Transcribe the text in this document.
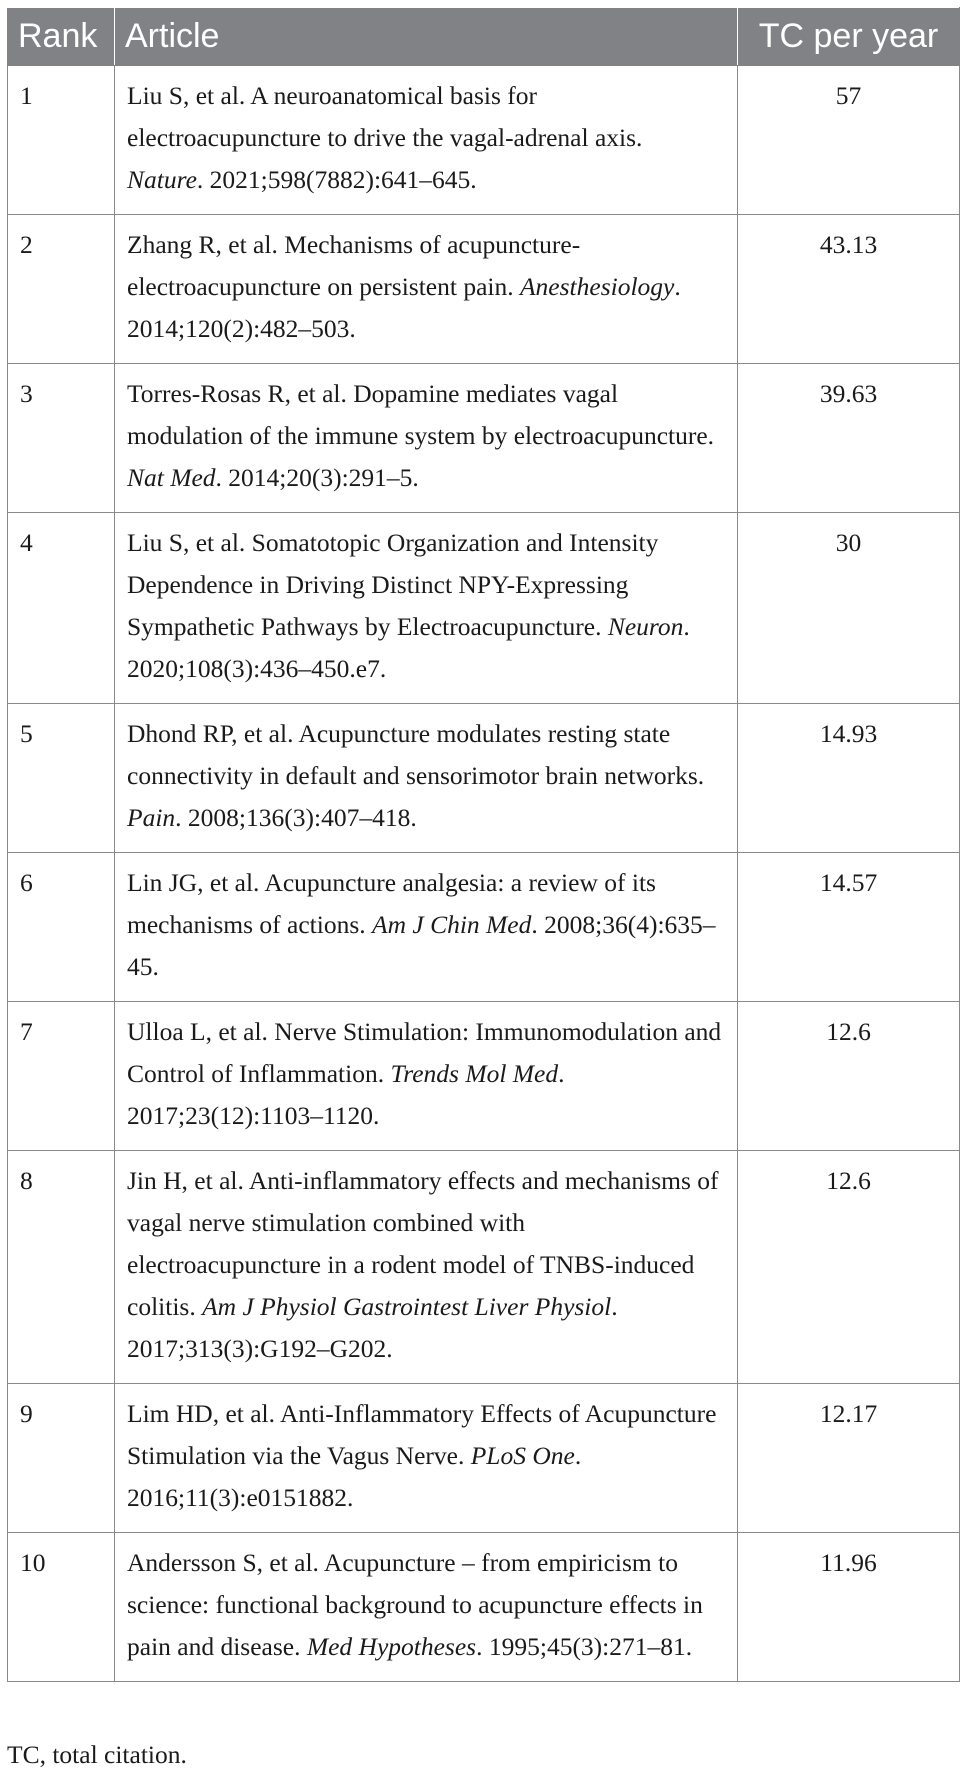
Rank	Article	TC per year
1	Liu S, et al. A neuroanatomical basis for electroacupuncture to drive the vagal-adrenal axis. Nature. 2021;598(7882):641–645.	57
2	Zhang R, et al. Mechanisms of acupuncture-electroacupuncture on persistent pain. Anesthesiology. 2014;120(2):482–503.	43.13
3	Torres-Rosas R, et al. Dopamine mediates vagal modulation of the immune system by electroacupuncture. Nat Med. 2014;20(3):291–5.	39.63
4	Liu S, et al. Somatotopic Organization and Intensity Dependence in Driving Distinct NPY-Expressing Sympathetic Pathways by Electroacupuncture. Neuron. 2020;108(3):436–450.e7.	30
5	Dhond RP, et al. Acupuncture modulates resting state connectivity in default and sensorimotor brain networks. Pain. 2008;136(3):407–418.	14.93
6	Lin JG, et al. Acupuncture analgesia: a review of its mechanisms of actions. Am J Chin Med. 2008;36(4):635–45.	14.57
7	Ulloa L, et al. Nerve Stimulation: Immunomodulation and Control of Inflammation. Trends Mol Med. 2017;23(12):1103–1120.	12.6
8	Jin H, et al. Anti-inflammatory effects and mechanisms of vagal nerve stimulation combined with electroacupuncture in a rodent model of TNBS-induced colitis. Am J Physiol Gastrointest Liver Physiol. 2017;313(3):G192–G202.	12.6
9	Lim HD, et al. Anti-Inflammatory Effects of Acupuncture Stimulation via the Vagus Nerve. PLoS One. 2016;11(3):e0151882.	12.17
10	Andersson S, et al. Acupuncture – from empiricism to science: functional background to acupuncture effects in pain and disease. Med Hypotheses. 1995;45(3):271–81.	11.96
TC, total citation.
